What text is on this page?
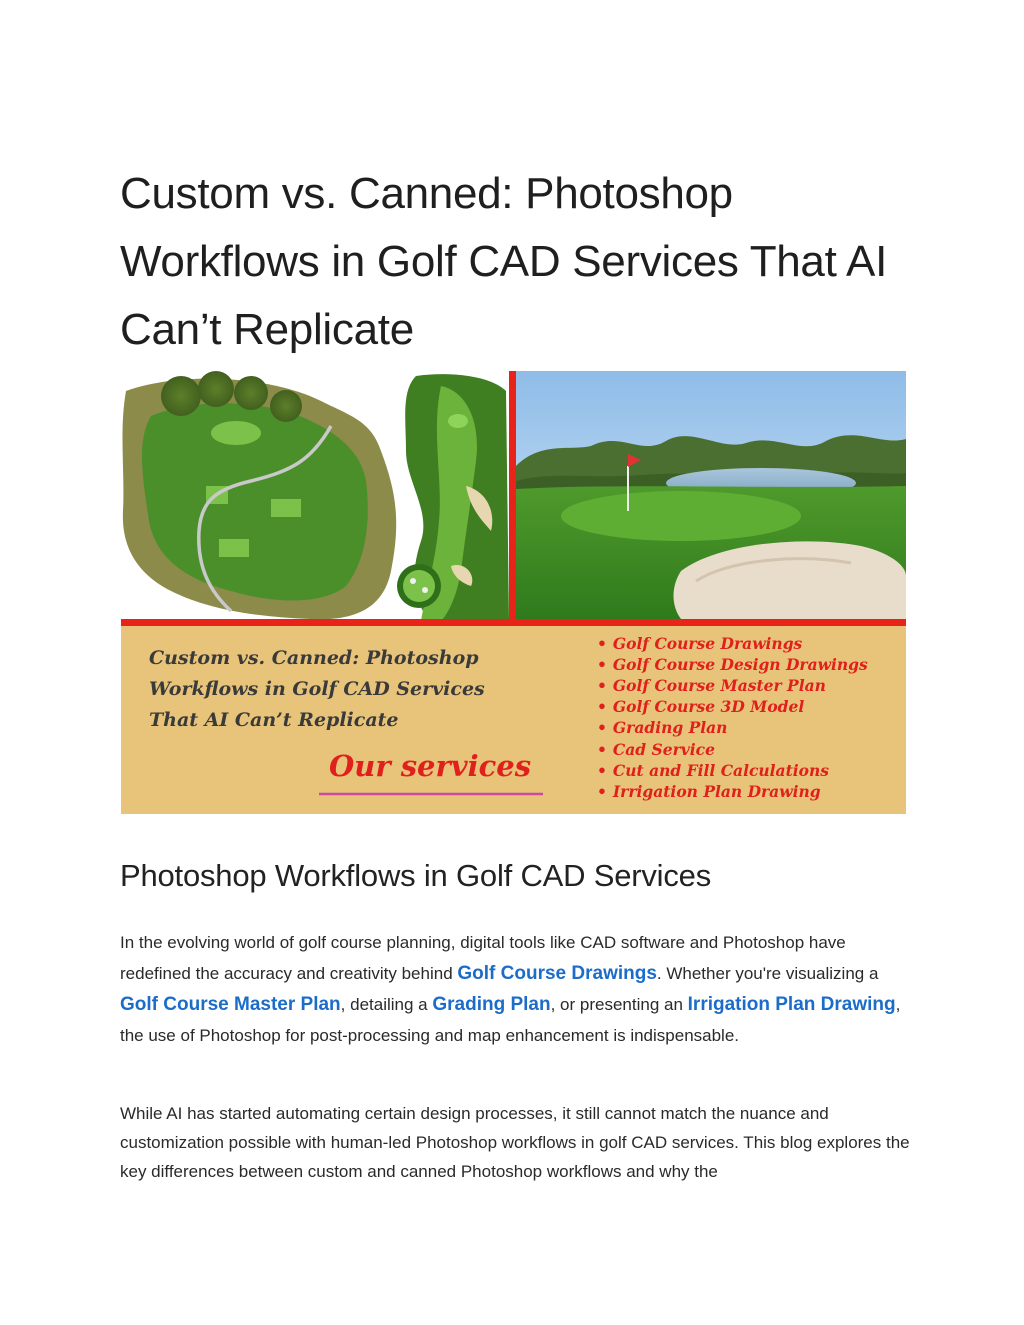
Custom vs. Canned: Photoshop Workflows in Golf CAD Services That AI Can’t Replicate
Custom vs. Canned: Photoshop
Workflows in Golf CAD Services
That AI Can’t Replicate
Our services
• Golf Course Drawings
• Golf Course Design Drawings
• Golf Course Master Plan
• Golf Course 3D Model
• Grading Plan
• Cad Service
• Cut and Fill Calculations
• Irrigation Plan Drawing
Photoshop Workflows in Golf CAD Services

In the evolving world of golf course planning, digital tools like CAD software and Photoshop have redefined the accuracy and creativity behind Golf Course Drawings. Whether you're visualizing a Golf Course Master Plan, detailing a Grading Plan, or presenting an Irrigation Plan Drawing, the use of Photoshop for post-processing and map enhancement is indispensable.

While AI has started automating certain design processes, it still cannot match the nuance and customization possible with human-led Photoshop workflows in golf CAD services. This blog explores the key differences between custom and canned Photoshop workflows and why the
